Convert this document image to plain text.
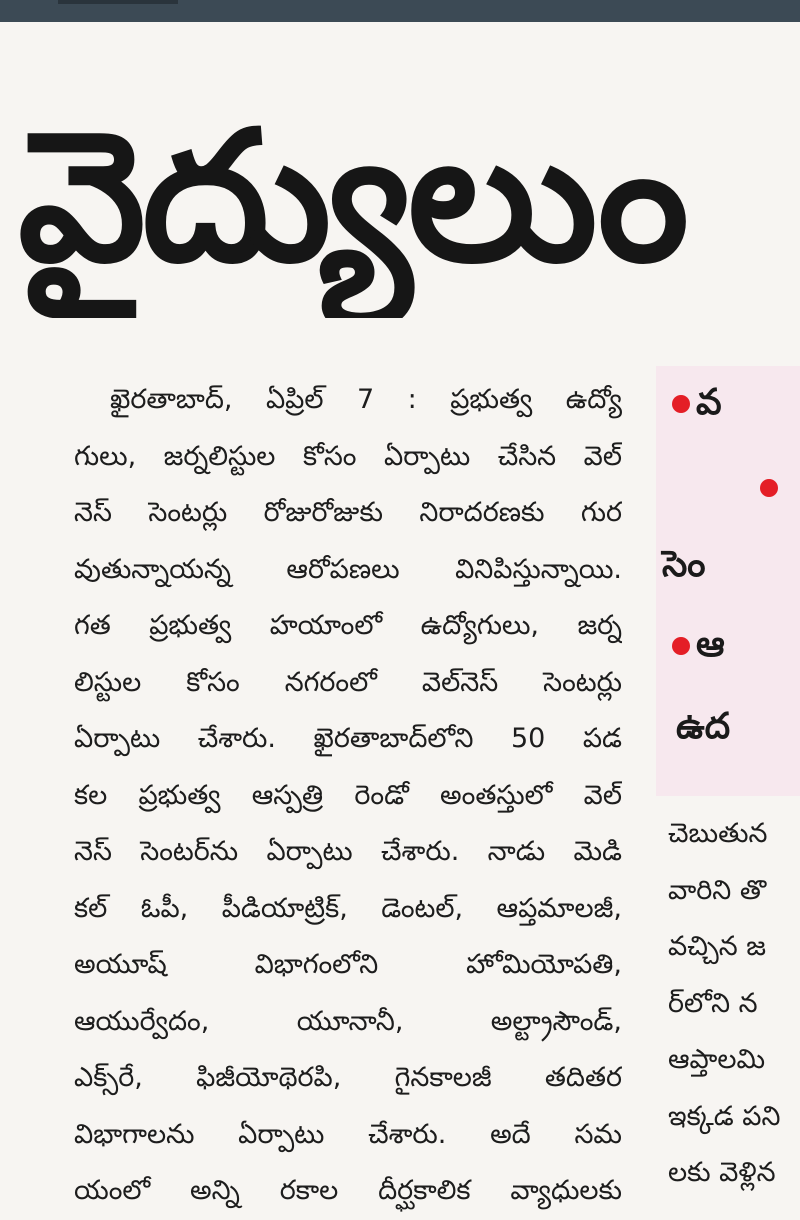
వైద్యులుం
ఖైరతాబాద్, ఏప్రిల్ 7 : ప్రభుత్వ ఉద్యో
గులు, జర్నలిస్టుల కోసం ఏర్పాటు చేసిన వెల్
నెస్ సెంటర్లు రోజురోజుకు నిరాదరణకు గుర
వుతున్నాయన్న ఆరోపణలు వినిపిస్తున్నాయి.
గత ప్రభుత్వ హయాంలో ఉద్యోగులు, జర్న
లిస్టుల కోసం నగరంలో వెల్‌నెస్ సెంటర్లు
ఏర్పాటు చేశారు. ఖైరతాబాద్‌లోని 50 పడ
కల ప్రభుత్వ ఆస్పత్రి రెండో అంతస్తులో వెల్
నెస్ సెంటర్‌ను ఏర్పాటు చేశారు. నాడు మెడి
కల్ ఓపీ, పీడియాట్రిక్, డెంటల్, ఆప్తమాలజీ,
అయూష్ విభాగంలోని హోమియోపతి,
ఆయుర్వేదం, యూనానీ, అల్ట్రాసౌండ్,
ఎక్స్‌రే, ఫిజీయోథెరపి, గైనకాలజీ తదితర
విభాగాలను ఏర్పాటు చేశారు. అదే సమ
యంలో అన్ని రకాల దీర్ఘకాలిక వ్యాధులకు
వ
సెం
ఆ
ఉద
చెబుతున
వారిని తొ
వచ్చిన జ
ర్‌లోని న
ఆప్తాలమి
ఇక్కడ పని
లకు వెళ్లిన
